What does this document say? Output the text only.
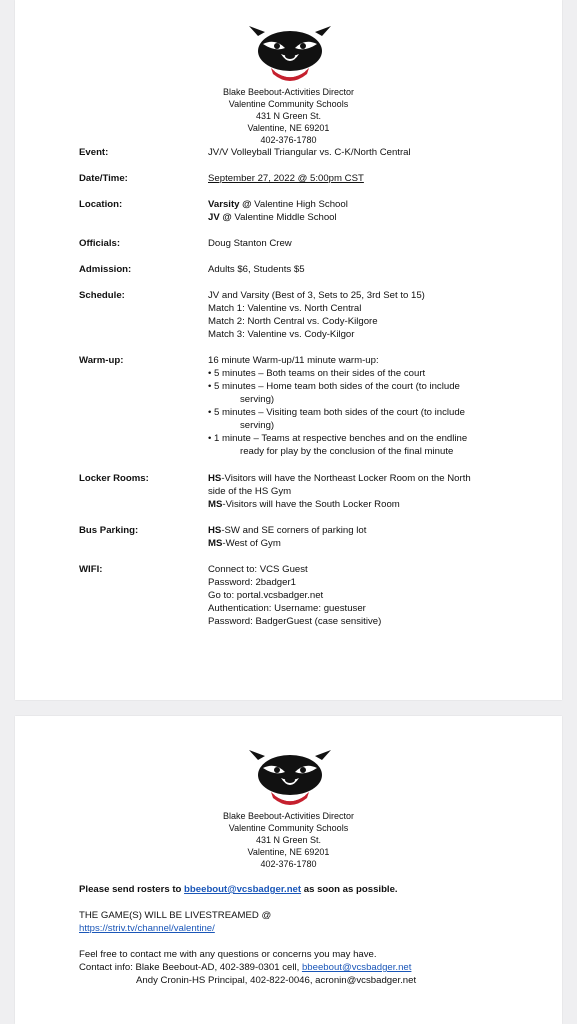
Blake Beebout-Activities Director
Valentine Community Schools
431 N Green St.
Valentine, NE 69201
402-376-1780
Event:	JV/V Volleyball Triangular vs. C-K/North Central
Date/Time:	September 27, 2022 @ 5:00pm CST
Location:	Varsity @ Valentine High School
JV @ Valentine Middle School
Officials:	Doug Stanton Crew
Admission:	Adults $6, Students $5
Schedule:	JV and Varsity (Best of 3, Sets to 25, 3rd Set to 15)
Match 1: Valentine vs. North Central
Match 2: North Central vs. Cody-Kilgore
Match 3: Valentine vs. Cody-Kilgor
Warm-up:	16 minute Warm-up/11 minute warm-up:
• 5 minutes – Both teams on their sides of the court
• 5 minutes – Home team both sides of the court (to include
serving)
• 5 minutes – Visiting team both sides of the court (to include
serving)
• 1 minute – Teams at respective benches and on the endline
ready for play by the conclusion of the final minute
Locker Rooms:	HS-Visitors will have the Northeast Locker Room on the North
side of the HS Gym
MS-Visitors will have the South Locker Room
Bus Parking:	HS-SW and SE corners of parking lot
MS-West of Gym
WIFI:	Connect to: VCS Guest
Password: 2badger1
Go to: portal.vcsbadger.net
Authentication: Username: guestuser
Password: BadgerGuest (case sensitive)
Blake Beebout-Activities Director
Valentine Community Schools
431 N Green St.
Valentine, NE 69201
402-376-1780
Please send rosters to bbeebout@vcsbadger.net as soon as possible.
THE GAME(S) WILL BE LIVESTREAMED @
https://striv.tv/channel/valentine/
Feel free to contact me with any questions or concerns you may have.
Contact info: Blake Beebout-AD, 402-389-0301 cell, bbeebout@vcsbadger.net
Andy Cronin-HS Principal, 402-822-0046, acronin@vcsbadger.net
